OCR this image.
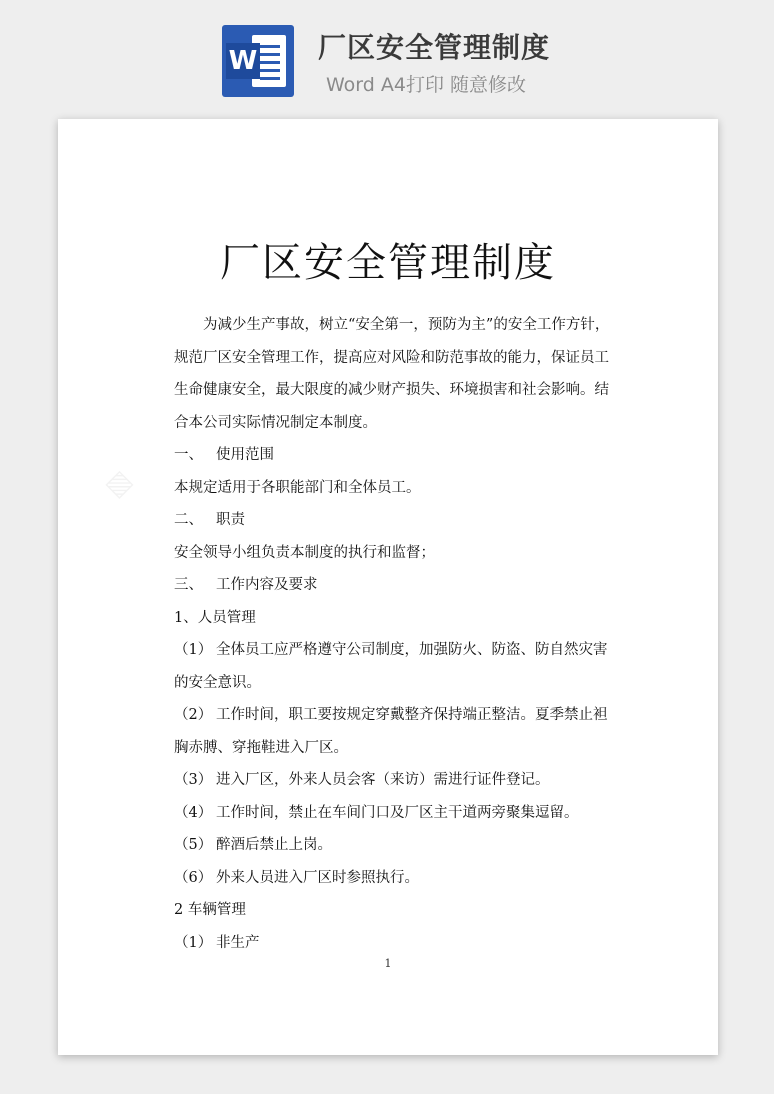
W 厂区安全管理制度
Word A4打印 随意修改
▨
厂区安全管理制度
为减少生产事故，树立“安全第一，预防为主”的安全工作方针，
规范厂区安全管理工作，提高应对风险和防范事故的能力，保证员工
生命健康安全，最大限度的减少财产损失、环境损害和社会影响。结
合本公司实际情况制定本制度。
一、 使用范围
本规定适用于各职能部门和全体员工。
二、 职责
安全领导小组负责本制度的执行和监督；
三、 工作内容及要求
1、人员管理
（1） 全体员工应严格遵守公司制度，加强防火、防盗、防自然灾害
的安全意识。
（2） 工作时间，职工要按规定穿戴整齐保持端正整洁。夏季禁止袒
胸赤膊、穿拖鞋进入厂区。
（3） 进入厂区，外来人员会客（来访）需进行证件登记。
（4） 工作时间，禁止在车间门口及厂区主干道两旁聚集逗留。
（5） 醉酒后禁止上岗。
（6） 外来人员进入厂区时参照执行。
2 车辆管理
（1） 非生产
1
